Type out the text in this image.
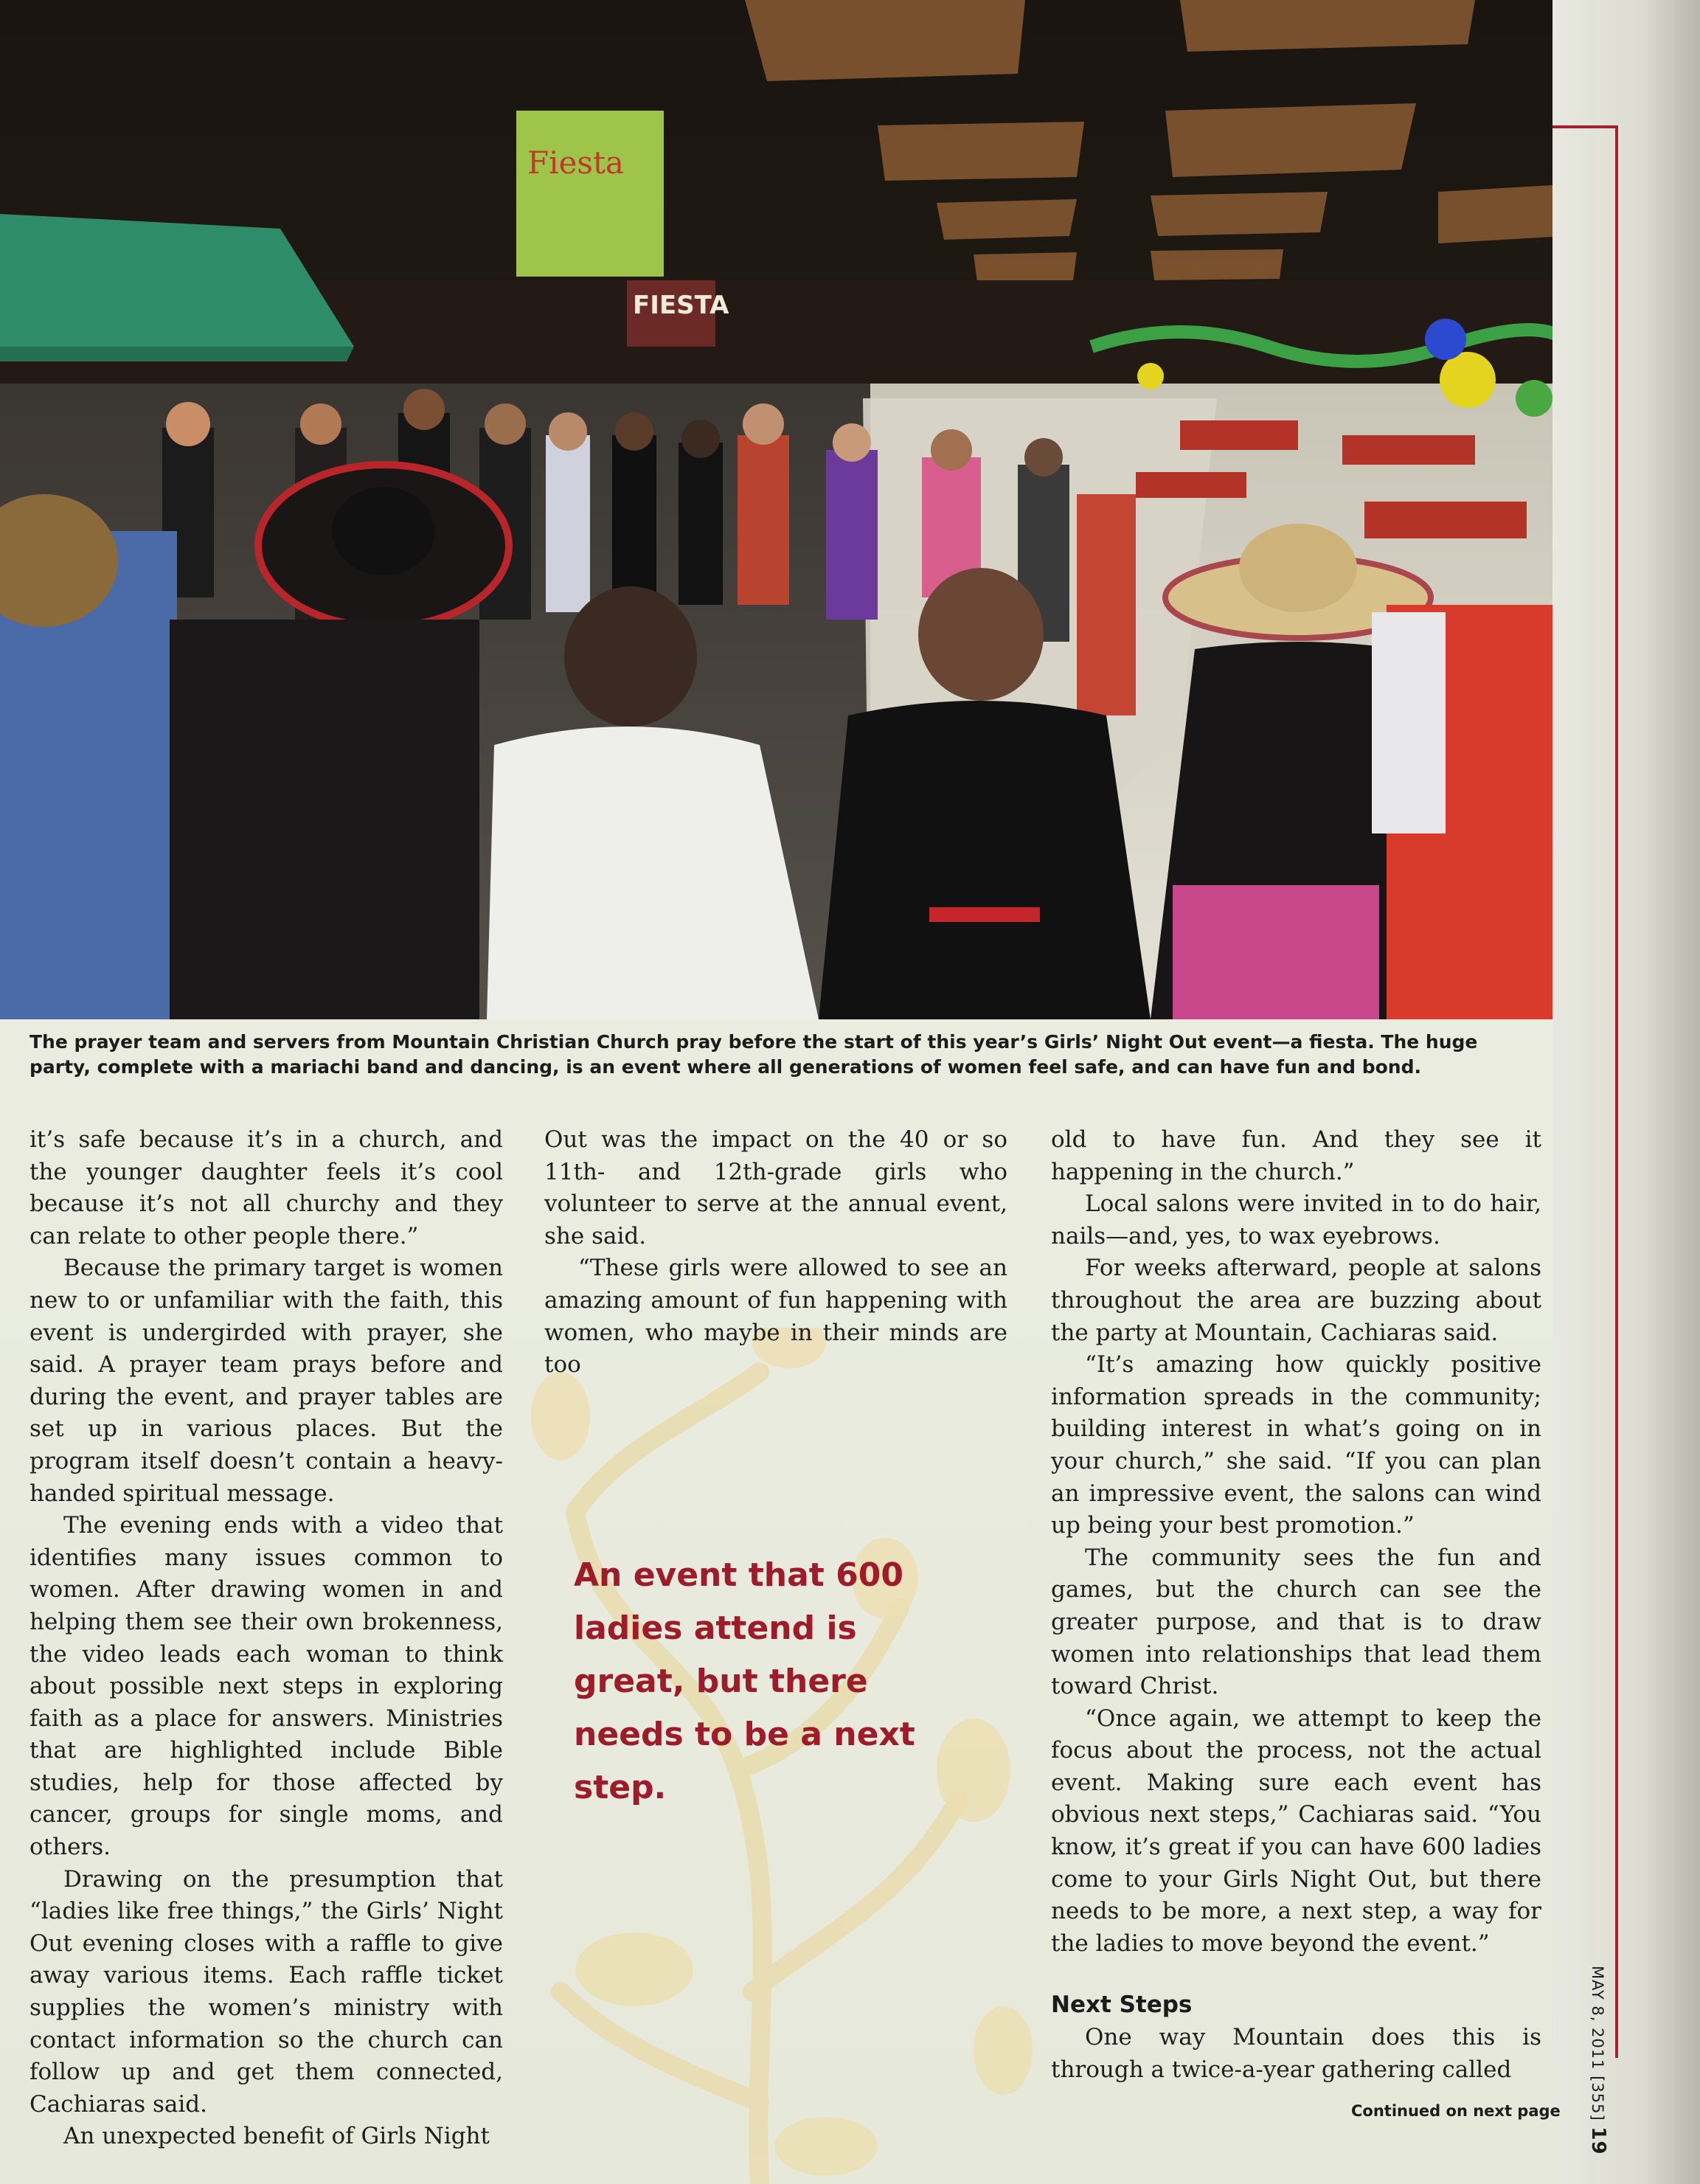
Fiesta
FIESTA
The prayer team and servers from Mountain Christian Church pray before the start of this year’s Girls’ Night Out event—a fiesta. The huge party, complete with a mariachi band and dancing, is an event where all generations of women feel safe, and can have fun and bond.

it’s safe because it’s in a church, and the younger daughter feels it’s cool because it’s not all churchy and they can relate to other people there.”

Because the primary target is women new to or unfamiliar with the faith, this event is undergirded with prayer, she said. A prayer team prays before and during the event, and prayer tables are set up in various places. But the program itself doesn’t contain a heavy-handed spiritual message.

The evening ends with a video that identifies many issues common to women. After drawing women in and helping them see their own brokenness, the video leads each woman to think about possible next steps in exploring faith as a place for answers. Ministries that are highlighted include Bible studies, help for those affected by cancer, groups for single moms, and others.

Drawing on the presumption that “ladies like free things,” the Girls’ Night Out evening closes with a raffle to give away various items. Each raffle ticket supplies the women’s ministry with contact information so the church can follow up and get them connected, Cachiaras said.

An unexpected benefit of Girls Night

Out was the impact on the 40 or so 11th- and 12th-grade girls who volunteer to serve at the annual event, she said.

“These girls were allowed to see an amazing amount of fun happening with women, who maybe in their minds are too

An event that 600 ladies attend is great, but there needs to be a next step.

old to have fun. And they see it happening in the church.”

Local salons were invited in to do hair, nails—and, yes, to wax eyebrows.

For weeks afterward, people at salons throughout the area are buzzing about the party at Mountain, Cachiaras said.

“It’s amazing how quickly positive information spreads in the community; building interest in what’s going on in your church,” she said. “If you can plan an impressive event, the salons can wind up being your best promotion.”

The community sees the fun and games, but the church can see the greater purpose, and that is to draw women into relationships that lead them toward Christ.

“Once again, we attempt to keep the focus about the process, not the actual event. Making sure each event has obvious next steps,” Cachiaras said. “You know, it’s great if you can have 600 ladies come to your Girls Night Out, but there needs to be more, a next step, a way for the ladies to move beyond the event.”

Next Steps

One way Mountain does this is through a twice-a-year gathering called

Continued on next page
MAY 8, 2011 [355] 19
